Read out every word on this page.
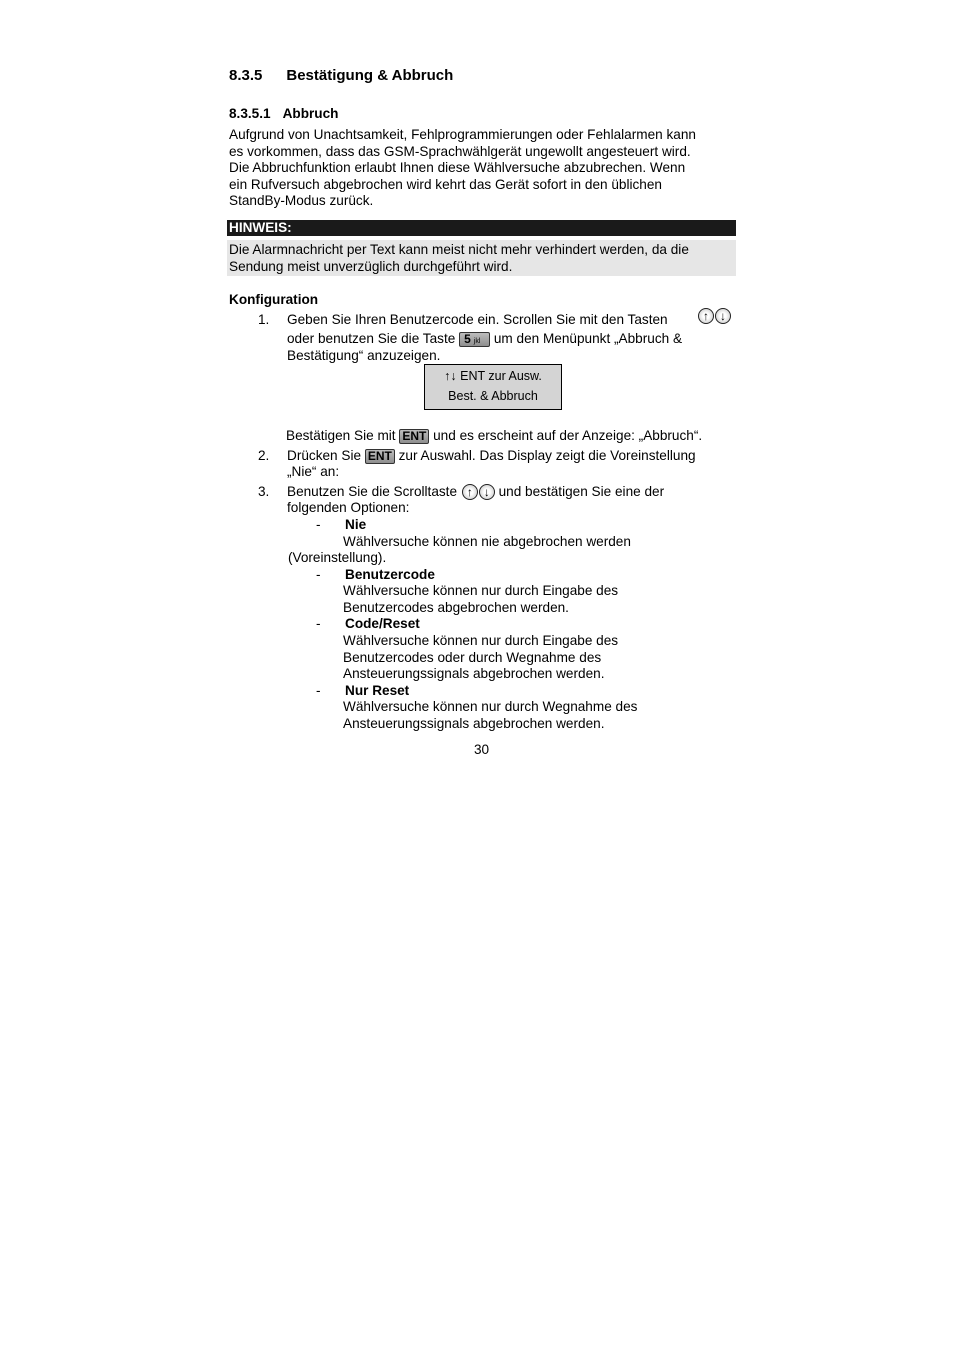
8.3.5 Bestätigung & Abbruch
8.3.5.1 Abbruch
Aufgrund von Unachtsamkeit, Fehlprogrammierungen oder Fehlalarmen kann
es vorkommen, dass das GSM-Sprachwählgerät ungewollt angesteuert wird.
Die Abbruchfunktion erlaubt Ihnen diese Wählversuche abzubrechen. Wenn
ein Rufversuch abgebrochen wird kehrt das Gerät sofort in den üblichen
StandBy-Modus zurück.
HINWEIS:
Die Alarmnachricht per Text kann meist nicht mehr verhindert werden, da die
Sendung meist unverzüglich durchgeführt wird.
Konfiguration
1. Geben Sie Ihren Benutzercode ein. Scrollen Sie mit den Tasten	↑ ↓
oder benutzen Sie die Taste 5 jkl um den Menüpunkt „Abbruch &
Bestätigung“ anzuzeigen.
↑↓ ENT zur Ausw.
Best. & Abbruch
Bestätigen Sie mit ENT und es erscheint auf der Anzeige: „Abbruch“.
2. Drücken Sie ENT zur Auswahl. Das Display zeigt die Voreinstellung
„Nie“ an:
3. Benutzen Sie die Scrolltaste ↑ ↓ und bestätigen Sie eine der
folgenden Optionen:
- Nie
Wählversuche können nie abgebrochen werden
(Voreinstellung).
- Benutzercode
Wählversuche können nur durch Eingabe des
Benutzercodes abgebrochen werden.
- Code/Reset
Wählversuche können nur durch Eingabe des
Benutzercodes oder durch Wegnahme des
Ansteuerungssignals abgebrochen werden.
- Nur Reset
Wählversuche können nur durch Wegnahme des
Ansteuerungssignals abgebrochen werden.
30
